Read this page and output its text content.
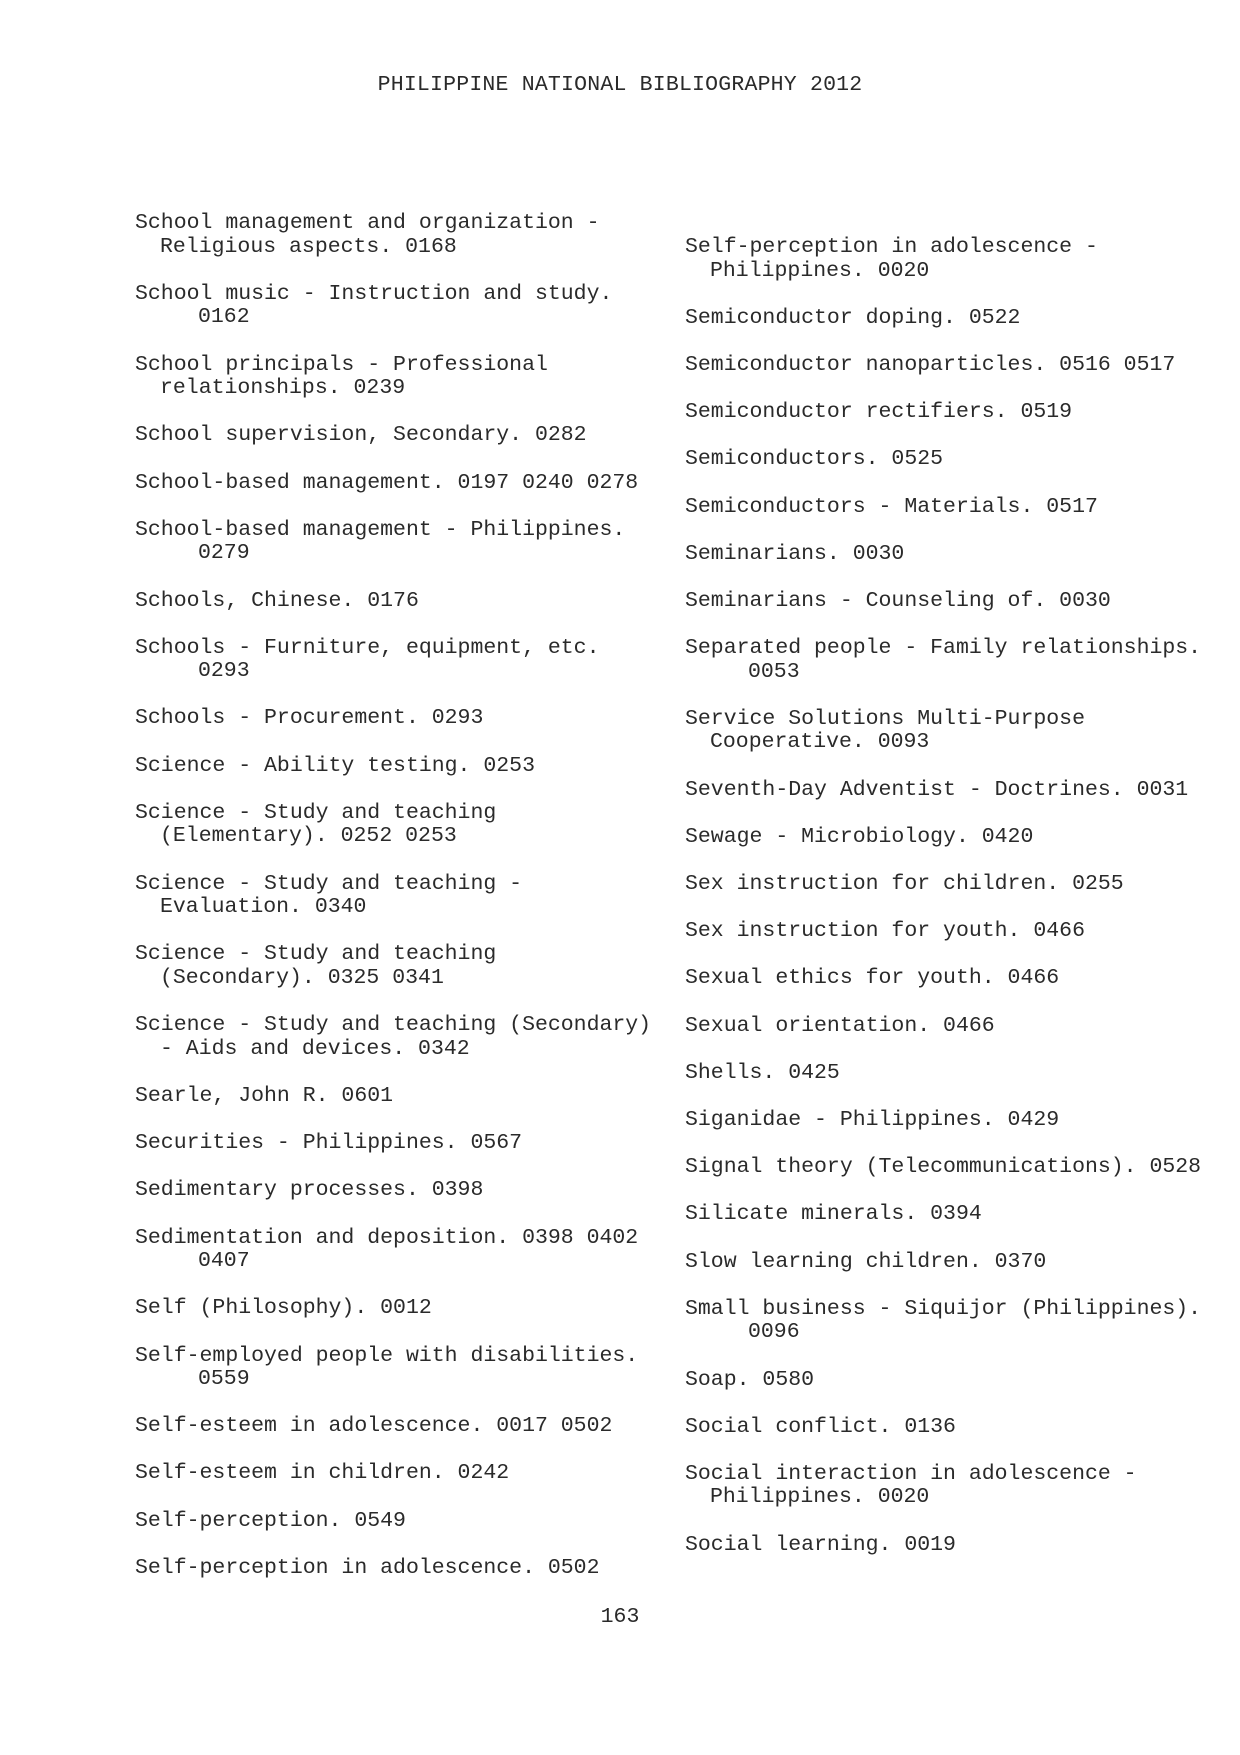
PHILIPPINE NATIONAL BIBLIOGRAPHY 2012
School management and organization -
Religious aspects. 0168
School music - Instruction and study.
0162
School principals - Professional
relationships. 0239
School supervision, Secondary. 0282
School-based management. 0197 0240 0278
School-based management - Philippines.
0279
Schools, Chinese. 0176
Schools - Furniture, equipment, etc.
0293
Schools - Procurement. 0293
Science - Ability testing. 0253
Science - Study and teaching
(Elementary). 0252 0253
Science - Study and teaching -
Evaluation. 0340
Science - Study and teaching
(Secondary). 0325 0341
Science - Study and teaching (Secondary)
- Aids and devices. 0342
Searle, John R. 0601
Securities - Philippines. 0567
Sedimentary processes. 0398
Sedimentation and deposition. 0398 0402
0407
Self (Philosophy). 0012
Self-employed people with disabilities.
0559
Self-esteem in adolescence. 0017 0502
Self-esteem in children. 0242
Self-perception. 0549
Self-perception in adolescence. 0502
Self-perception in adolescence -
Philippines. 0020
Semiconductor doping. 0522
Semiconductor nanoparticles. 0516 0517
Semiconductor rectifiers. 0519
Semiconductors. 0525
Semiconductors - Materials. 0517
Seminarians. 0030
Seminarians - Counseling of. 0030
Separated people - Family relationships.
0053
Service Solutions Multi-Purpose
Cooperative. 0093
Seventh-Day Adventist - Doctrines. 0031
Sewage - Microbiology. 0420
Sex instruction for children. 0255
Sex instruction for youth. 0466
Sexual ethics for youth. 0466
Sexual orientation. 0466
Shells. 0425
Siganidae - Philippines. 0429
Signal theory (Telecommunications). 0528
Silicate minerals. 0394
Slow learning children. 0370
Small business - Siquijor (Philippines).
0096
Soap. 0580
Social conflict. 0136
Social interaction in adolescence -
Philippines. 0020
Social learning. 0019
163
